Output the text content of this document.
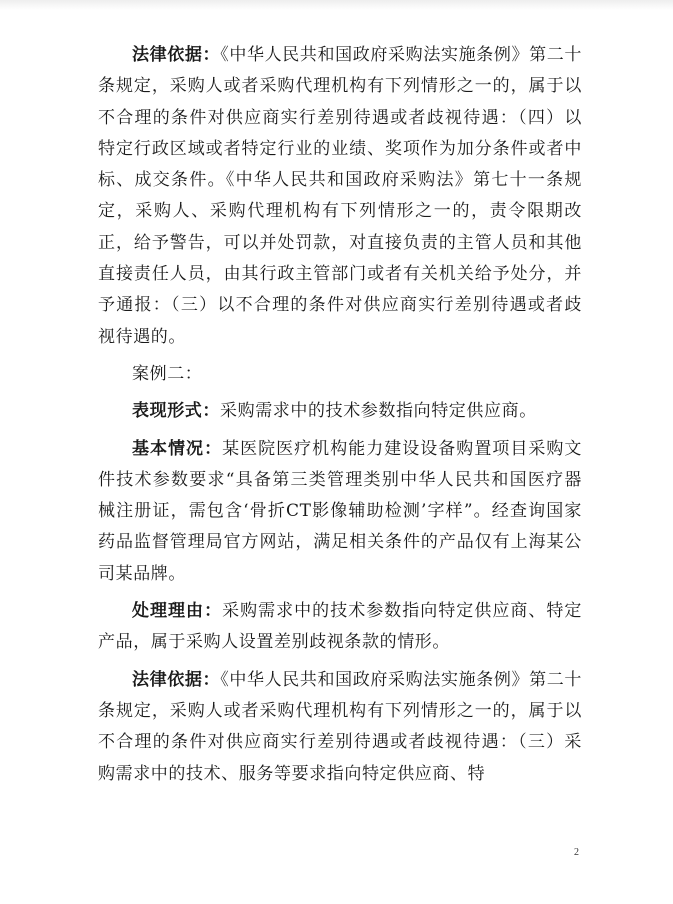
法律依据：《中华人民共和国政府采购法实施条例》第二十条规定，采购人或者采购代理机构有下列情形之一的，属于以不合理的条件对供应商实行差别待遇或者歧视待遇：（四）以特定行政区域或者特定行业的业绩、奖项作为加分条件或者中标、成交条件。《中华人民共和国政府采购法》第七十一条规定，采购人、采购代理机构有下列情形之一的，责令限期改正，给予警告，可以并处罚款，对直接负责的主管人员和其他直接责任人员，由其行政主管部门或者有关机关给予处分，并予通报：（三）以不合理的条件对供应商实行差别待遇或者歧视待遇的。

案例二：

表现形式：采购需求中的技术参数指向特定供应商。

基本情况：某医院医疗机构能力建设设备购置项目采购文件技术参数要求“具备第三类管理类别中华人民共和国医疗器械注册证，需包含‘骨折CT影像辅助检测’字样”。经查询国家药品监督管理局官方网站，满足相关条件的产品仅有上海某公司某品牌。

处理理由：采购需求中的技术参数指向特定供应商、特定产品，属于采购人设置差别歧视条款的情形。

法律依据：《中华人民共和国政府采购法实施条例》第二十条规定，采购人或者采购代理机构有下列情形之一的，属于以不合理的条件对供应商实行差别待遇或者歧视待遇：（三）采购需求中的技术、服务等要求指向特定供应商、特

2
